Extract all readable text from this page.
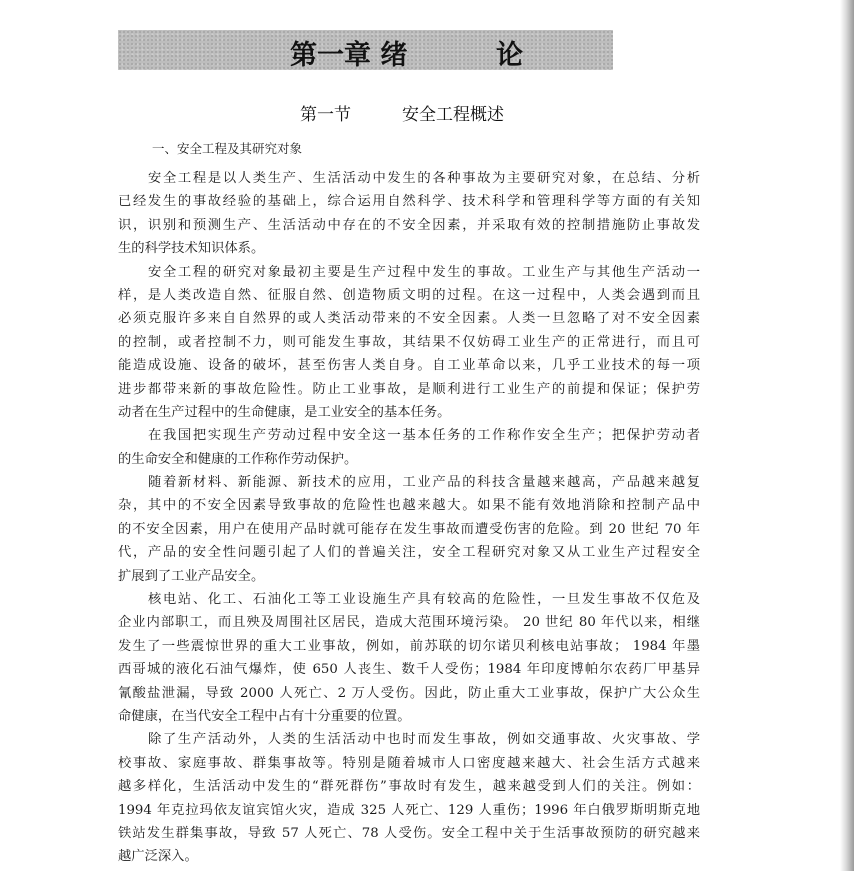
第一章 绪	论
第一节	安全工程概述
一、安全工程及其研究对象
安全工程是以人类生产、生活活动中发生的各种事故为主要研究对象，在总结、分析
已经发生的事故经验的基础上，综合运用自然科学、技术科学和管理科学等方面的有关知
识，识别和预测生产、生活活动中存在的不安全因素，并采取有效的控制措施防止事故发
生的科学技术知识体系。
安全工程的研究对象最初主要是生产过程中发生的事故。工业生产与其他生产活动一
样，是人类改造自然、征服自然、创造物质文明的过程。在这一过程中，人类会遇到而且
必须克服许多来自自然界的或人类活动带来的不安全因素。人类一旦忽略了对不安全因素
的控制，或者控制不力，则可能发生事故，其结果不仅妨碍工业生产的正常进行，而且可
能造成设施、设备的破坏，甚至伤害人类自身。自工业革命以来，几乎工业技术的每一项
进步都带来新的事故危险性。防止工业事故，是顺利进行工业生产的前提和保证；保护劳
动者在生产过程中的生命健康，是工业安全的基本任务。
在我国把实现生产劳动过程中安全这一基本任务的工作称作安全生产；把保护劳动者
的生命安全和健康的工作称作劳动保护。
随着新材料、新能源、新技术的应用，工业产品的科技含量越来越高，产品越来越复
杂，其中的不安全因素导致事故的危险性也越来越大。如果不能有效地消除和控制产品中
的不安全因素，用户在使用产品时就可能存在发生事故而遭受伤害的危险。到 20 世纪 70 年
代，产品的安全性问题引起了人们的普遍关注，安全工程研究对象又从工业生产过程安全
扩展到了工业产品安全。
核电站、化工、石油化工等工业设施生产具有较高的危险性，一旦发生事故不仅危及
企业内部职工，而且殃及周围社区居民，造成大范围环境污染。 20 世纪 80 年代以来，相继
发生了一些震惊世界的重大工业事故，例如，前苏联的切尔诺贝利核电站事故； 1984 年墨
西哥城的液化石油气爆炸，使 650 人丧生、数千人受伤；1984 年印度博帕尔农药厂甲基异
氰酸盐泄漏，导致 2000 人死亡、2 万人受伤。因此，防止重大工业事故，保护广大公众生
命健康，在当代安全工程中占有十分重要的位置。
除了生产活动外，人类的生活活动中也时而发生事故，例如交通事故、火灾事故、学
校事故、家庭事故、群集事故等。特别是随着城市人口密度越来越大、社会生活方式越来
越多样化，生活活动中发生的“群死群伤”事故时有发生，越来越受到人们的关注。例如：
1994 年克拉玛依友谊宾馆火灾，造成 325 人死亡、129 人重伤；1996 年白俄罗斯明斯克地
铁站发生群集事故，导致 57 人死亡、78 人受伤。安全工程中关于生活事故预防的研究越来
越广泛深入。
